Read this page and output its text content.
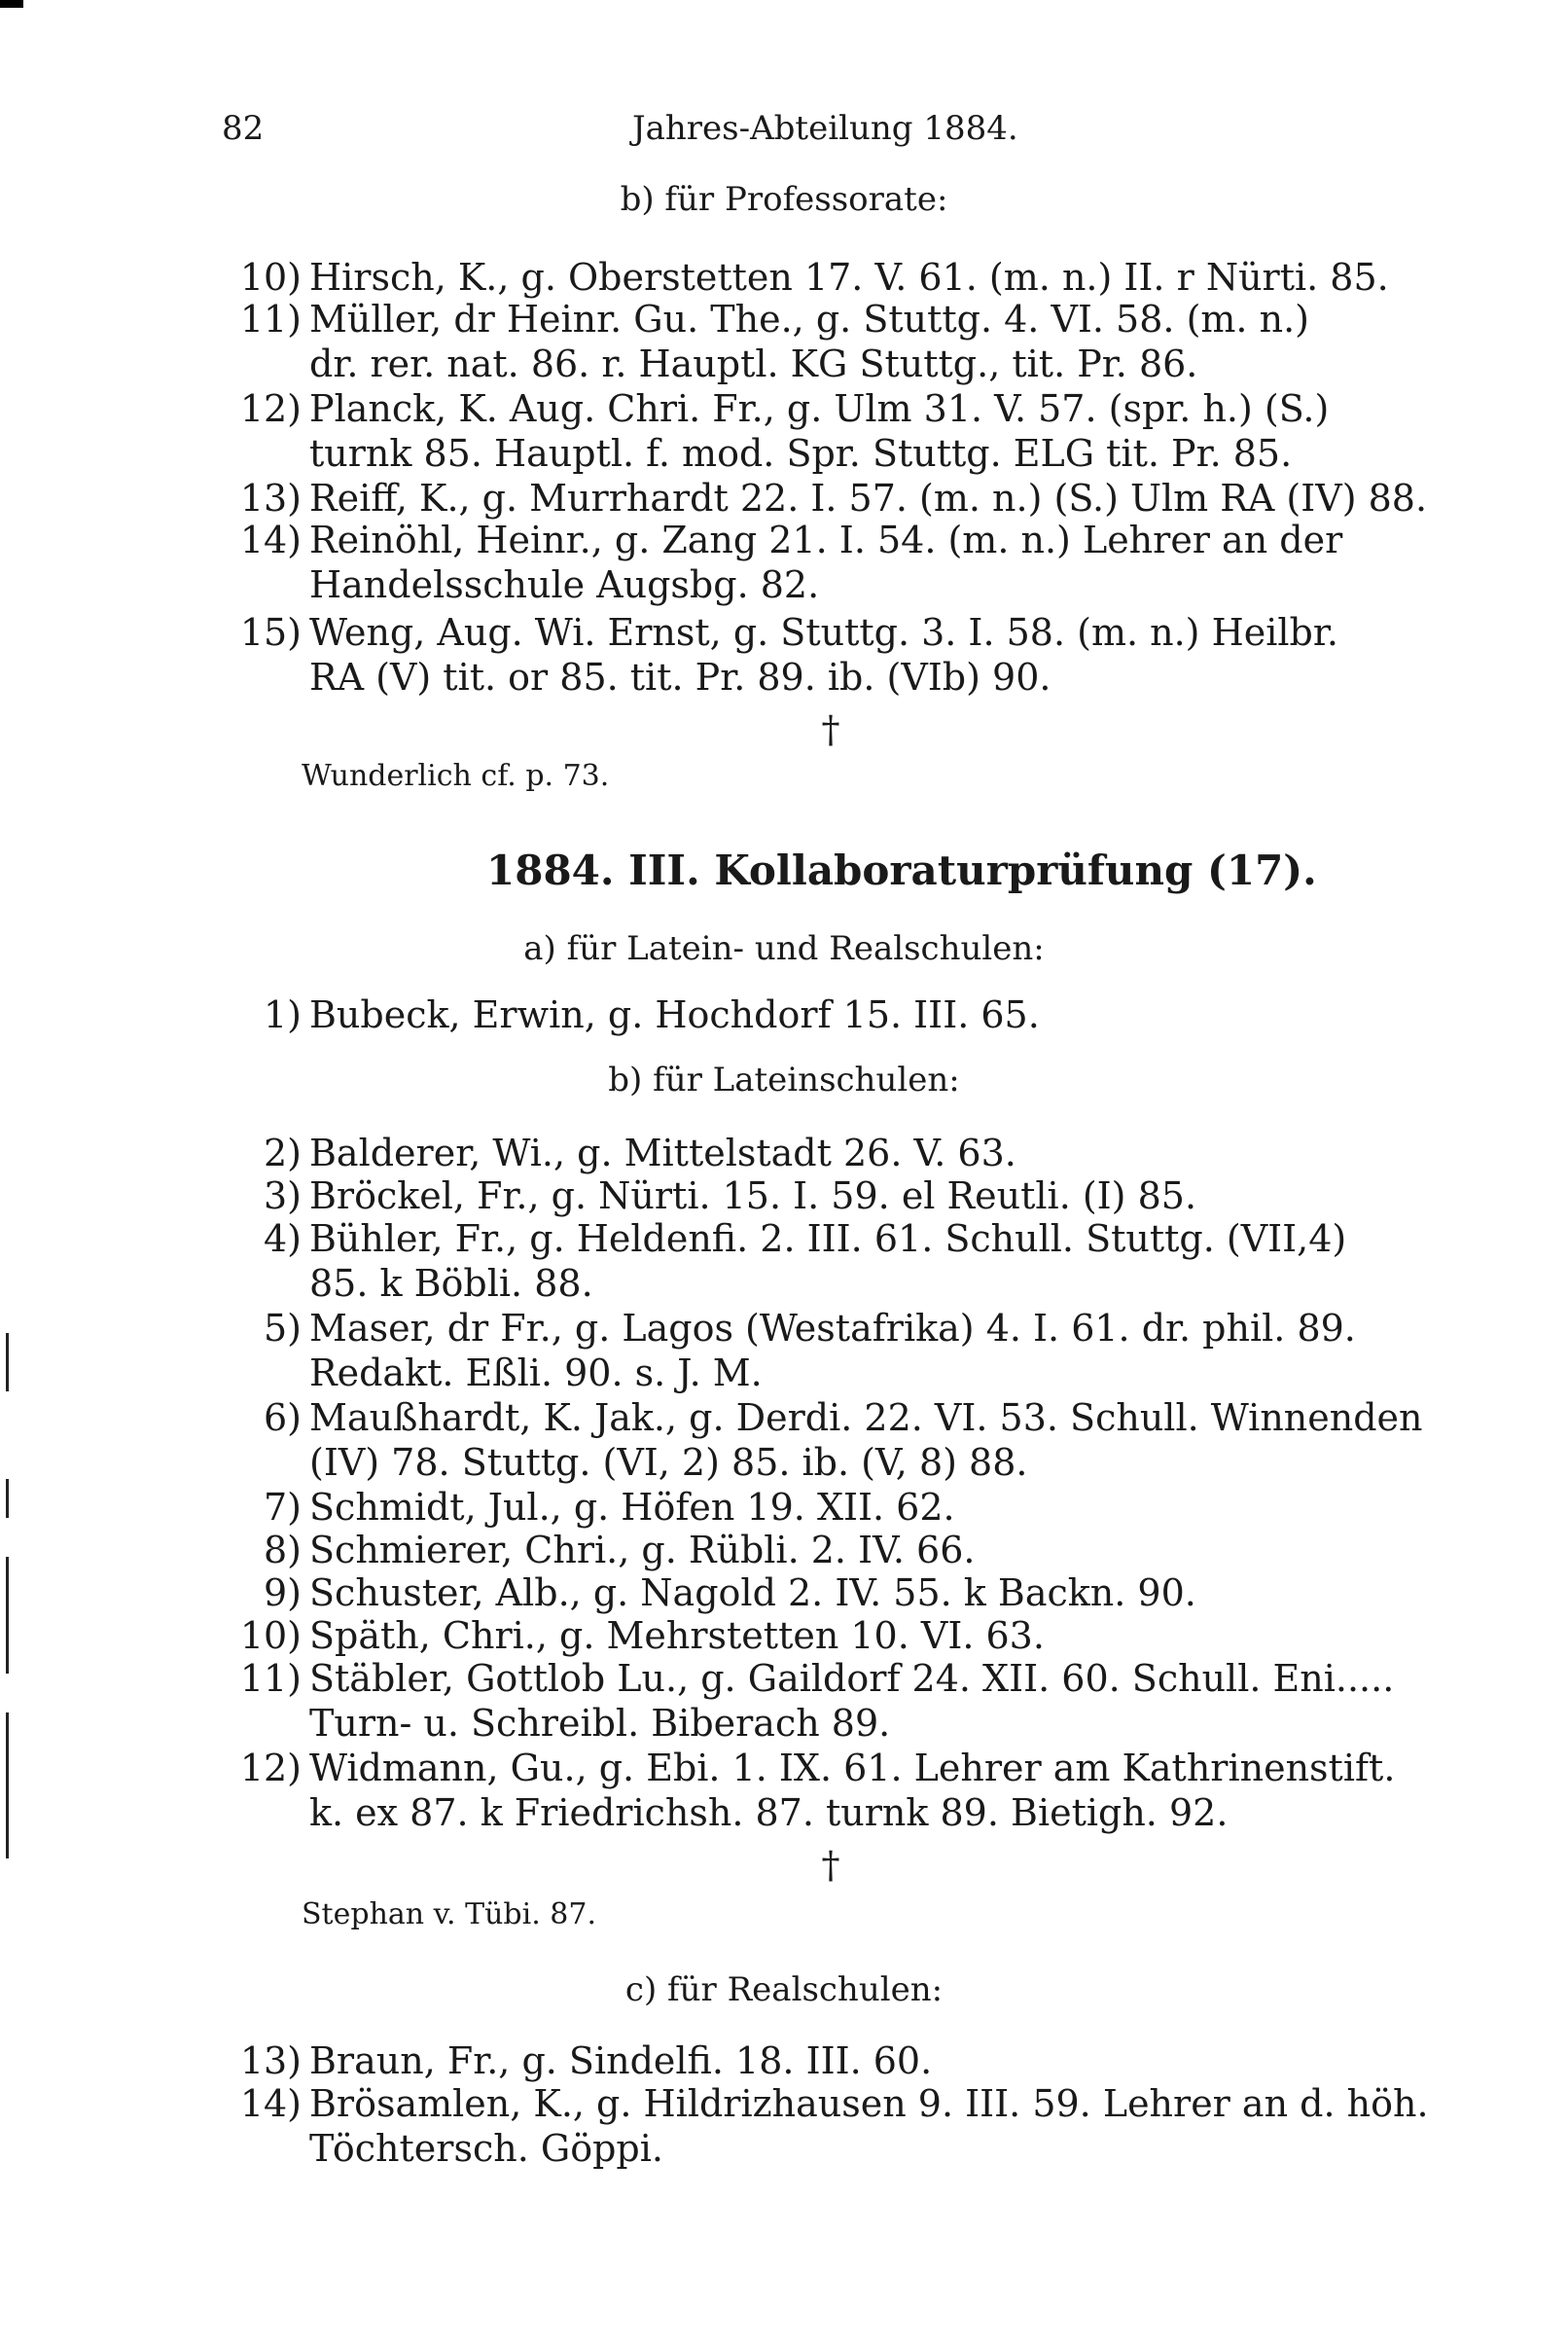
82	Jahres-Abteilung 1884.
b) für Professorate:
10) Hirsch, K., g. Oberstetten 17. V. 61. (m. n.) II. r Nürti. 85.
11) Müller, dr Heinr. Gu. The., g. Stuttg. 4. VI. 58. (m. n.)
dr. rer. nat. 86. r. Hauptl. KG Stuttg., tit. Pr. 86.
12) Planck, K. Aug. Chri. Fr., g. Ulm 31. V. 57. (spr. h.) (S.)
turnk 85. Hauptl. f. mod. Spr. Stuttg. ELG tit. Pr. 85.
13) Reiff, K., g. Murrhardt 22. I. 57. (m. n.) (S.) Ulm RA (IV) 88.
14) Reinöhl, Heinr., g. Zang 21. I. 54. (m. n.) Lehrer an der
Handelsschule Augsbg. 82.
15) Weng, Aug. Wi. Ernst, g. Stuttg. 3. I. 58. (m. n.) Heilbr.
RA (V) tit. or 85. tit. Pr. 89. ib. (VIb) 90.
†
Wunderlich cf. p. 73.
1884. III. Kollaboraturprüfung (17).
a) für Latein- und Realschulen:
1) Bubeck, Erwin, g. Hochdorf 15. III. 65.
b) für Lateinschulen:
2) Balderer, Wi., g. Mittelstadt 26. V. 63.
3) Bröckel, Fr., g. Nürti. 15. I. 59. el Reutli. (I) 85.
4) Bühler, Fr., g. Heldenfi. 2. III. 61. Schull. Stuttg. (VII,4)
85. k Böbli. 88.
5) Maser, dr Fr., g. Lagos (Westafrika) 4. I. 61. dr. phil. 89.
Redakt. Eßli. 90. s. J. M.
6) Maußhardt, K. Jak., g. Derdi. 22. VI. 53. Schull. Winnenden
(IV) 78. Stuttg. (VI, 2) 85. ib. (V, 8) 88.
7) Schmidt, Jul., g. Höfen 19. XII. 62.
8) Schmierer, Chri., g. Rübli. 2. IV. 66.
9) Schuster, Alb., g. Nagold 2. IV. 55. k Backn. 90.
10) Späth, Chri., g. Mehrstetten 10. VI. 63.
11) Stäbler, Gottlob Lu., g. Gaildorf 24. XII. 60. Schull. Eni.....
Turn- u. Schreibl. Biberach 89.
12) Widmann, Gu., g. Ebi. 1. IX. 61. Lehrer am Kathrinenstift.
k. ex 87. k Friedrichsh. 87. turnk 89. Bietigh. 92.
†
Stephan v. Tübi. 87.
c) für Realschulen:
13) Braun, Fr., g. Sindelfi. 18. III. 60.
14) Brösamlen, K., g. Hildrizhausen 9. III. 59. Lehrer an d. höh.
Töchtersch. Göppi.
